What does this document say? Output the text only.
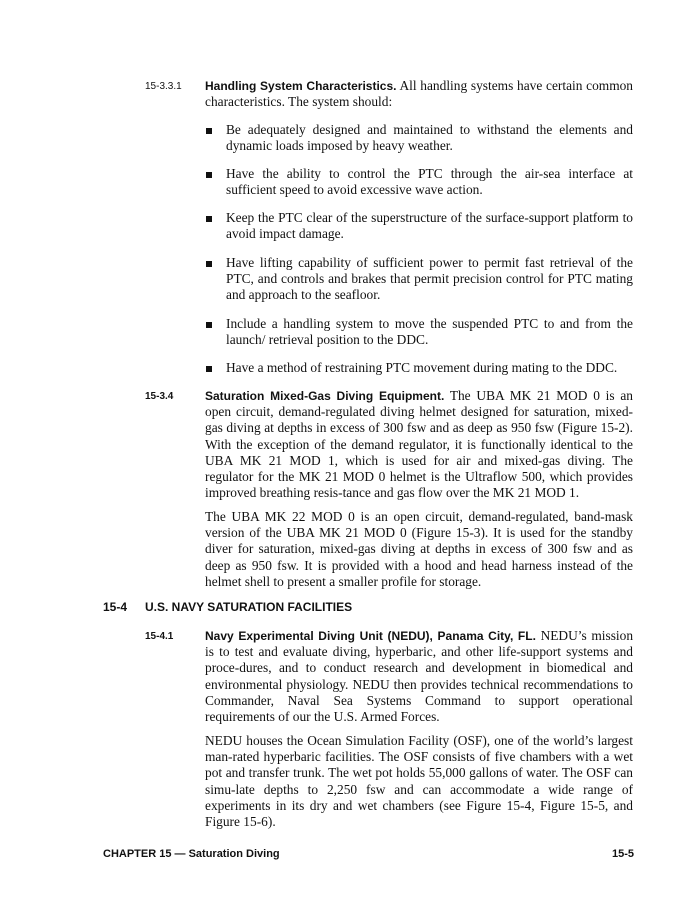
15-3.3.1 Handling System Characteristics. All handling systems have certain common characteristics. The system should:
Be adequately designed and maintained to withstand the elements and dynamic loads imposed by heavy weather.
Have the ability to control the PTC through the air-sea interface at sufficient speed to avoid excessive wave action.
Keep the PTC clear of the superstructure of the surface-support platform to avoid impact damage.
Have lifting capability of sufficient power to permit fast retrieval of the PTC, and controls and brakes that permit precision control for PTC mating and approach to the seafloor.
Include a handling system to move the suspended PTC to and from the launch/ retrieval position to the DDC.
Have a method of restraining PTC movement during mating to the DDC.
15-3.4	Saturation Mixed-Gas Diving Equipment. The UBA MK 21 MOD 0 is an open circuit, demand-regulated diving helmet designed for saturation, mixed-gas diving at depths in excess of 300 fsw and as deep as 950 fsw (Figure 15-2). With the exception of the demand regulator, it is functionally identical to the UBA MK 21 MOD 1, which is used for air and mixed-gas diving. The regulator for the MK 21 MOD 0 helmet is the Ultraflow 500, which provides improved breathing resis-tance and gas flow over the MK 21 MOD 1.
The UBA MK 22 MOD 0 is an open circuit, demand-regulated, band-mask version of the UBA MK 21 MOD 0 (Figure 15-3). It is used for the standby diver for saturation, mixed-gas diving at depths in excess of 300 fsw and as deep as 950 fsw. It is provided with a hood and head harness instead of the helmet shell to present a smaller profile for storage.
15-4 U.S. NAVY SATURATION FACILITIES
15-4.1	Navy Experimental Diving Unit (NEDU), Panama City, FL. NEDU’s mission is to test and evaluate diving, hyperbaric, and other life-support systems and proce-dures, and to conduct research and development in biomedical and environmental physiology. NEDU then provides technical recommendations to Commander, Naval Sea Systems Command to support operational requirements of our the U.S. Armed Forces.
NEDU houses the Ocean Simulation Facility (OSF), one of the world’s largest man-rated hyperbaric facilities. The OSF consists of five chambers with a wet pot and transfer trunk. The wet pot holds 55,000 gallons of water. The OSF can simu-late depths to 2,250 fsw and can accommodate a wide range of experiments in its dry and wet chambers (see Figure 15-4, Figure 15-5, and Figure 15-6).
CHAPTER 15 — Saturation Diving	15-5
